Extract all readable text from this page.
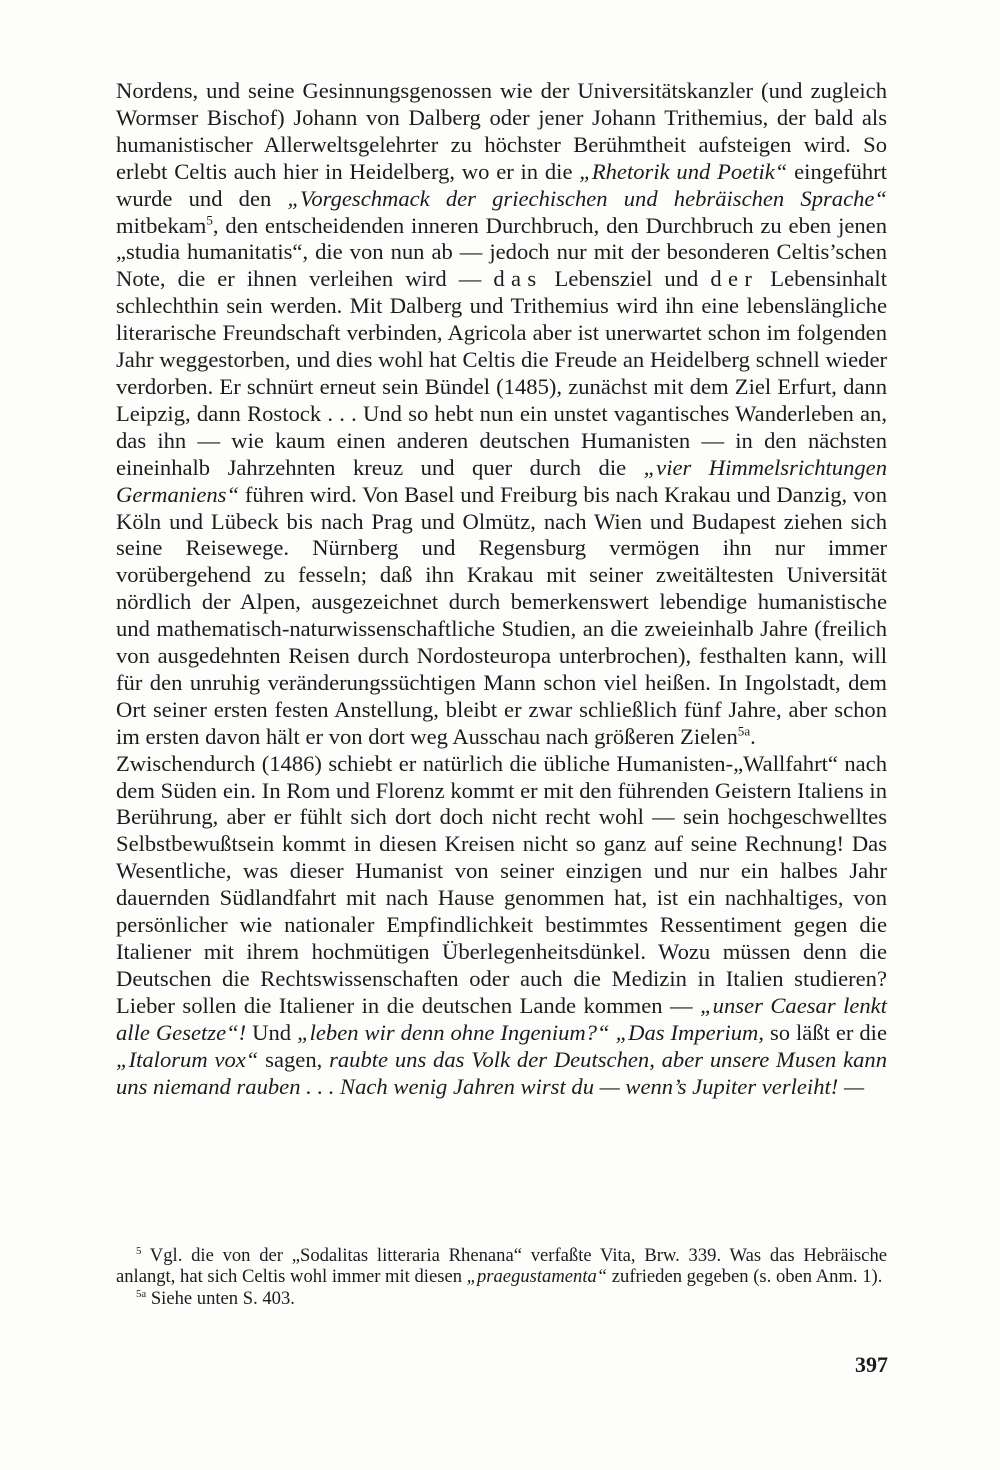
Nordens, und seine Gesinnungsgenossen wie der Universitätskanzler (und zugleich Wormser Bischof) Johann von Dalberg oder jener Johann Trithemius, der bald als humanistischer Allerweltsgelehrter zu höchster Berühmtheit aufsteigen wird. So erlebt Celtis auch hier in Heidelberg, wo er in die „Rhetorik und Poetik“ eingeführt wurde und den „Vorgeschmack der griechischen und hebräischen Sprache“ mitbekam$^5$, den entscheidenden inneren Durchbruch, den Durchbruch zu eben jenen „studia humanitatis“, die von nun ab — jedoch nur mit der besonderen Celtis’schen Note, die er ihnen verleihen wird — das Lebensziel und der Lebensinhalt schlechthin sein werden. Mit Dalberg und Trithemius wird ihn eine lebenslängliche literarische Freundschaft verbinden, Agricola aber ist unerwartet schon im folgenden Jahr weggestorben, und dies wohl hat Celtis die Freude an Heidelberg schnell wieder verdorben. Er schnürt erneut sein Bündel (1485), zunächst mit dem Ziel Erfurt, dann Leipzig, dann Rostock . . . Und so hebt nun ein unstet vagantisches Wanderleben an, das ihn — wie kaum einen anderen deutschen Humanisten — in den nächsten eineinhalb Jahrzehnten kreuz und quer durch die „vier Himmelsrichtungen Germaniens“ führen wird. Von Basel und Freiburg bis nach Krakau und Danzig, von Köln und Lübeck bis nach Prag und Olmütz, nach Wien und Budapest ziehen sich seine Reisewege. Nürnberg und Regensburg vermögen ihn nur immer vorübergehend zu fesseln; daß ihn Krakau mit seiner zweitältesten Universität nördlich der Alpen, ausgezeichnet durch bemerkenswert lebendige humanistische und mathematisch-naturwissenschaftliche Studien, an die zweieinhalb Jahre (freilich von ausgedehnten Reisen durch Nordosteuropa unterbrochen), festhalten kann, will für den unruhig veränderungssüchtigen Mann schon viel heißen. In Ingolstadt, dem Ort seiner ersten festen Anstellung, bleibt er zwar schließlich fünf Jahre, aber schon im ersten davon hält er von dort weg Ausschau nach größeren Zielen$^{5a}$.

Zwischendurch (1486) schiebt er natürlich die übliche Humanisten-„Wallfahrt“ nach dem Süden ein. In Rom und Florenz kommt er mit den führenden Geistern Italiens in Berührung, aber er fühlt sich dort doch nicht recht wohl — sein hochgeschwelltes Selbstbewußtsein kommt in diesen Kreisen nicht so ganz auf seine Rechnung! Das Wesentliche, was dieser Humanist von seiner einzigen und nur ein halbes Jahr dauernden Südlandfahrt mit nach Hause genommen hat, ist ein nachhaltiges, von persönlicher wie nationaler Empfindlichkeit bestimmtes Ressentiment gegen die Italiener mit ihrem hochmütigen Überlegenheitsdünkel. Wozu müssen denn die Deutschen die Rechtswissenschaften oder auch die Medizin in Italien studieren? Lieber sollen die Italiener in die deutschen Lande kommen — „unser Caesar lenkt alle Gesetze“! Und „leben wir denn ohne Ingenium?“ „Das Imperium, so läßt er die „Italorum vox“ sagen, raubte uns das Volk der Deutschen, aber unsere Musen kann uns niemand rauben . . . Nach wenig Jahren wirst du — wenn’s Jupiter verleiht! —

$^5$ Vgl. die von der „Sodalitas litteraria Rhenana“ verfaßte Vita, Brw. 339. Was das Hebräische anlangt, hat sich Celtis wohl immer mit diesen „praegustamenta“ zufrieden gegeben (s. oben Anm. 1).

$^{5a}$ Siehe unten S. 403.

397
